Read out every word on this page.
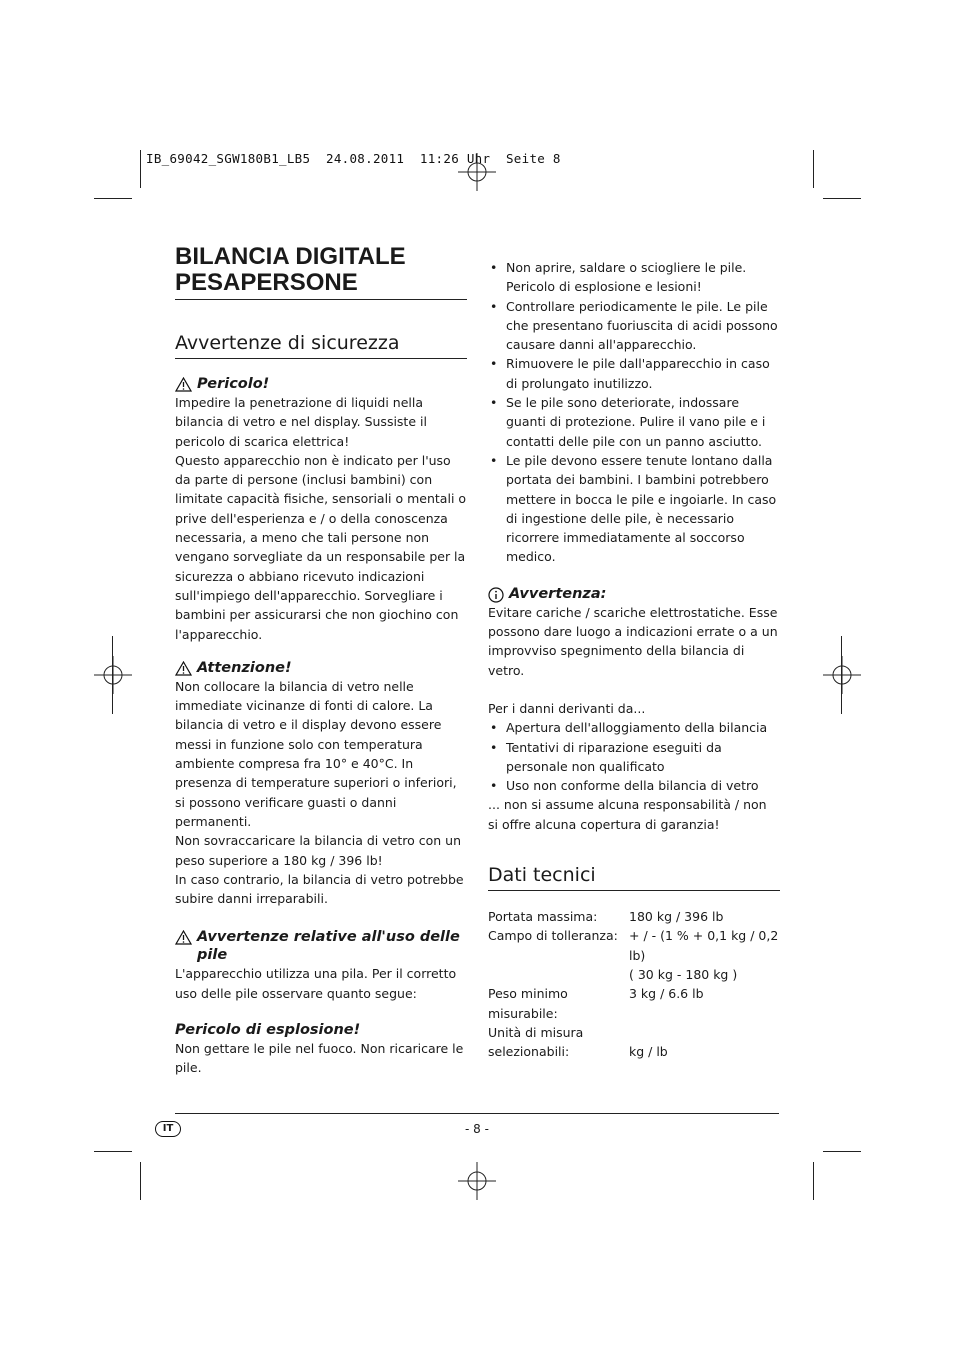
IB_69042_SGW180B1_LB5  24.08.2011  11:26 Uhr  Seite 8
BILANCIA DIGITALE
PESAPERSONE
Avvertenze di sicurezza
Pericolo!

Impedire la penetrazione di liquidi nella bilancia di vetro e nel display. Sussiste il pericolo di scarica elettrica!

Questo apparecchio non è indicato per l'uso da parte di persone (inclusi bambini) con limitate capacità fisiche, sensoriali o mentali o prive dell'esperienza e / o della conoscenza necessaria, a meno che tali persone non vengano sorvegliate da un responsabile per la sicurezza o abbiano ricevuto indicazioni sull'impiego dell'apparecchio. Sorvegliare i bambini per assicurarsi che non giochino con l'apparecchio.

Attenzione!

Non collocare la bilancia di vetro nelle immediate vicinanze di fonti di calore. La bilancia di vetro e il display devono essere messi in funzione solo con temperatura ambiente compresa fra 10° e 40°C. In presenza di temperature superiori o inferiori, si possono verificare guasti o danni permanenti.

Non sovraccaricare la bilancia di vetro con un peso superiore a 180 kg / 396 lb!

In caso contrario, la bilancia di vetro potrebbe subire danni irreparabili.

Avvertenze relative all'uso delle pile

L'apparecchio utilizza una pila. Per il corretto uso delle pile osservare quanto segue:

Pericolo di esplosione!

Non gettare le pile nel fuoco. Non ricaricare le pile.

• Non aprire, saldare o sciogliere le pile. Pericolo di esplosione e lesioni!
• Controllare periodicamente le pile. Le pile che presentano fuoriuscita di acidi possono causare danni all'apparecchio.
• Rimuovere le pile dall'apparecchio in caso di prolungato inutilizzo.
• Se le pile sono deteriorate, indossare guanti di protezione. Pulire il vano pile e i contatti delle pile con un panno asciutto.
• Le pile devono essere tenute lontano dalla portata dei bambini. I bambini potrebbero mettere in bocca le pile e ingoiarle. In caso di ingestione delle pile, è necessario ricorrere immediatamente al soccorso medico.
Avvertenza:

Evitare cariche / scariche elettrostatiche. Esse possono dare luogo a indicazioni errate o a un improvviso spegnimento della bilancia di vetro.

Per i danni derivanti da...

• Apertura dell'alloggiamento della bilancia
• Tentativi di riparazione eseguiti da personale non qualificato
• Uso non conforme della bilancia di vetro

... non si assume alcuna responsabilità / non si offre alcuna copertura di garanzia!

Dati tecnici
Portata massima:	180 kg / 396 lb
Campo di tolleranza: + / - (1 % + 0,1 kg / 0,2 lb)
( 30 kg - 180 kg )
Peso minimo misurabile:
3 kg / 6.6 lb
Unità di misura
selezionabili:	kg / lb
IT	- 8 -
